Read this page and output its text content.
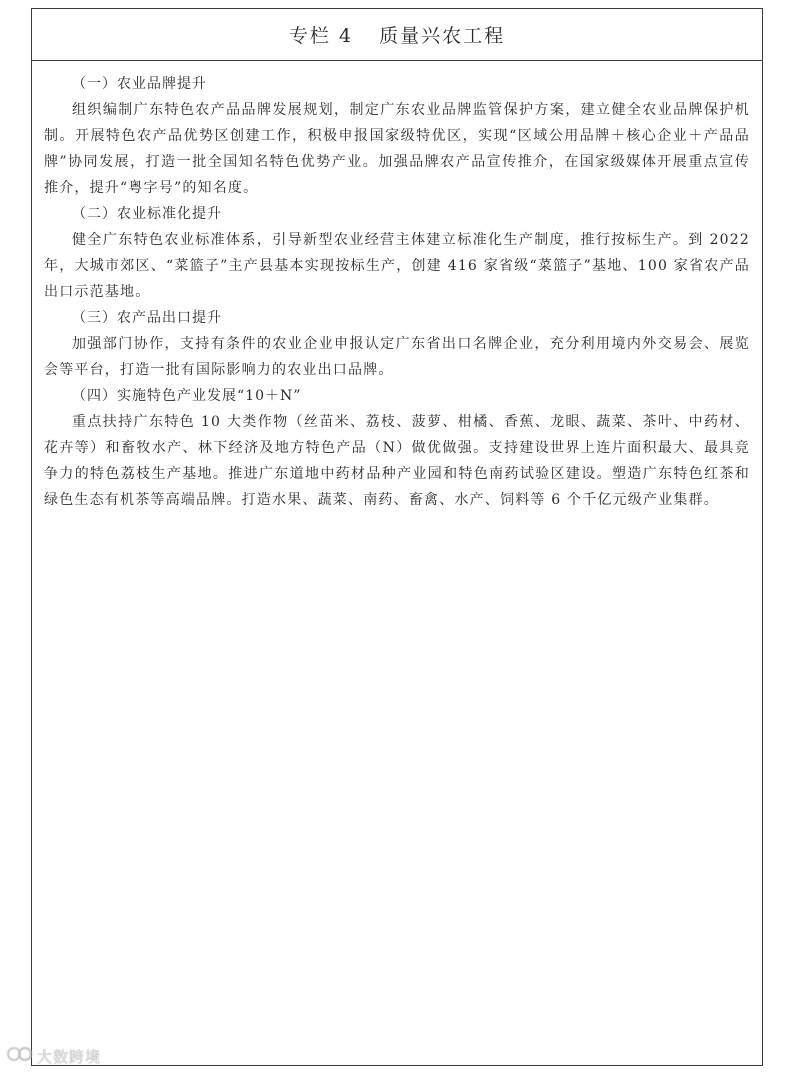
专栏 4 质量兴农工程

（一）农业品牌提升

组织编制广东特色农产品品牌发展规划，制定广东农业品牌监管保护方案，建立健全农业品牌保护机制。开展特色农产品优势区创建工作，积极申报国家级特优区，实现“区域公用品牌＋核心企业＋产品品牌”协同发展，打造一批全国知名特色优势产业。加强品牌农产品宣传推介，在国家级媒体开展重点宣传推介，提升“粤字号”的知名度。

（二）农业标准化提升

健全广东特色农业标准体系，引导新型农业经营主体建立标准化生产制度，推行按标生产。到 2022 年，大城市郊区、“菜篮子”主产县基本实现按标生产，创建 416 家省级“菜篮子”基地、100 家省农产品出口示范基地。

（三）农产品出口提升

加强部门协作，支持有条件的农业企业申报认定广东省出口名牌企业，充分利用境内外交易会、展览会等平台，打造一批有国际影响力的农业出口品牌。

（四）实施特色产业发展“10＋N”

重点扶持广东特色 10 大类作物（丝苗米、荔枝、菠萝、柑橘、香蕉、龙眼、蔬菜、茶叶、中药材、花卉等）和畜牧水产、林下经济及地方特色产品（N）做优做强。支持建设世界上连片面积最大、最具竞争力的特色荔枝生产基地。推进广东道地中药材品种产业园和特色南药试验区建设。塑造广东特色红茶和绿色生态有机茶等高端品牌。打造水果、蔬菜、南药、畜禽、水产、饲料等 6 个千亿元级产业集群。

大数跨境
